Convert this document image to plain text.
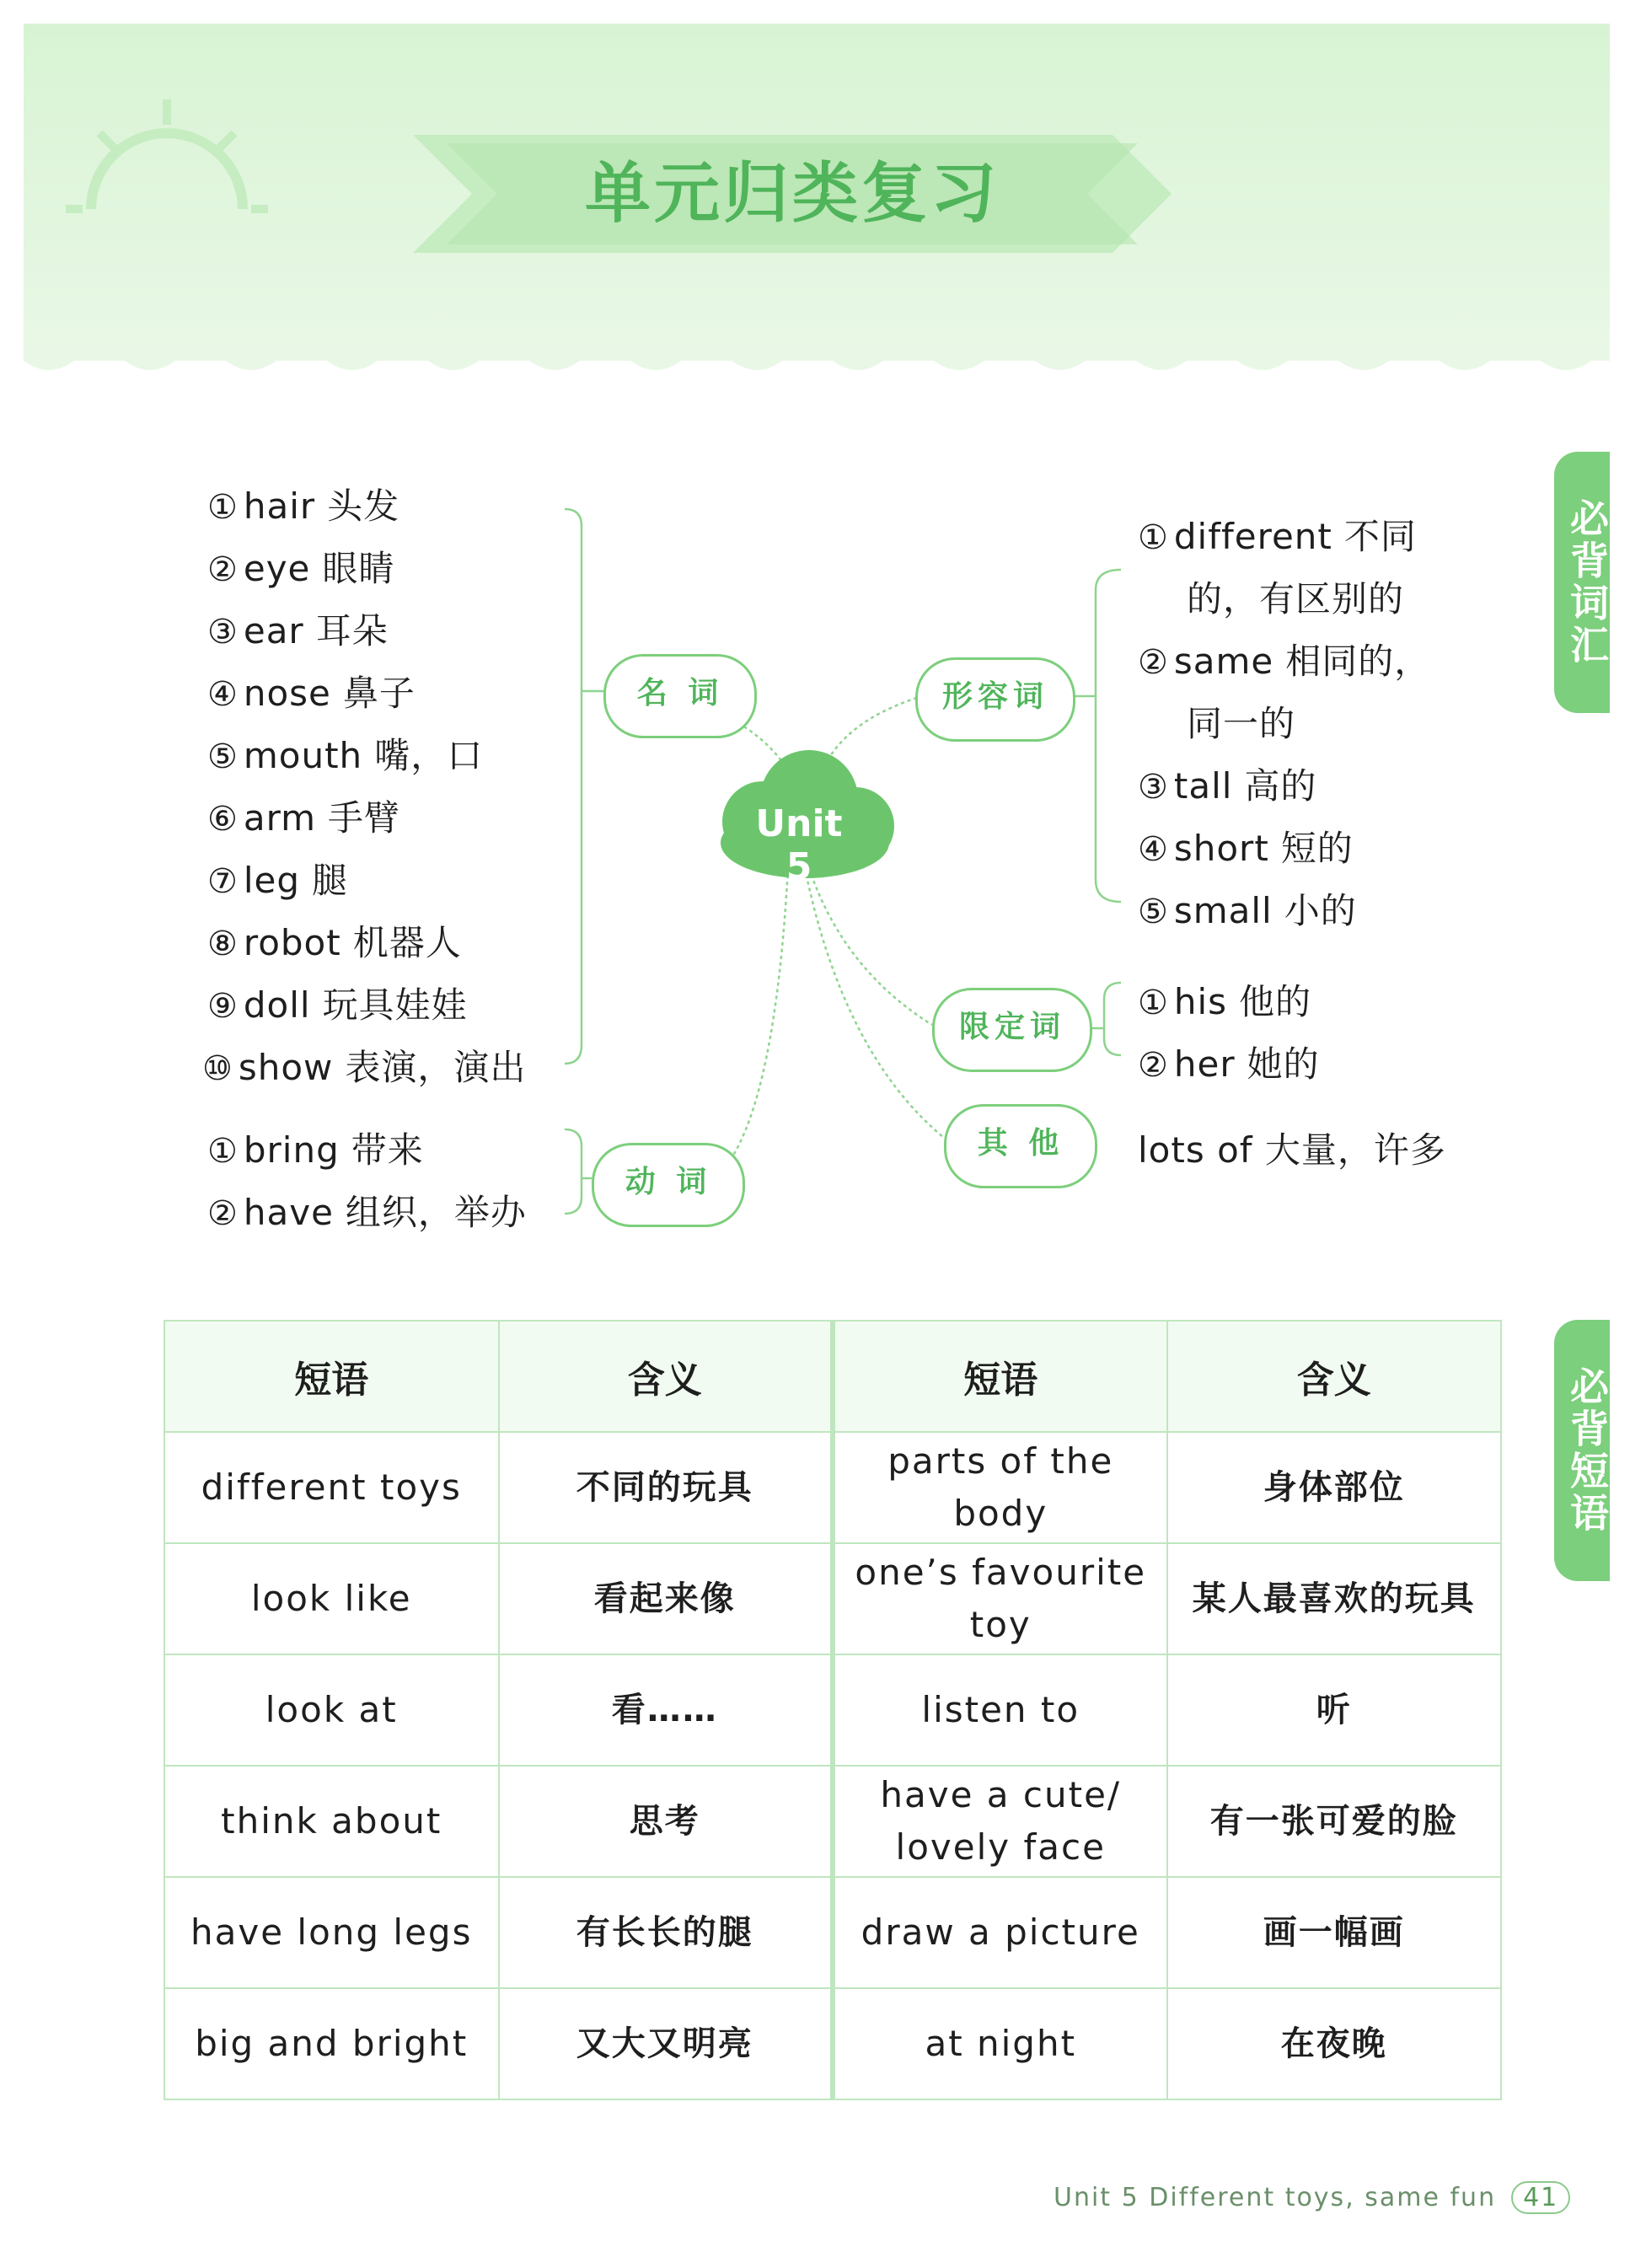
单元归类复习
必背词汇
必背短语
Unit 5
名 词
动 词
形容词
限定词
其 他
① hair 头发
② eye 眼睛
③ ear 耳朵
④ nose 鼻子
⑤ mouth 嘴，口
⑥ arm 手臂
⑦ leg 腿
⑧ robot 机器人
⑨ doll 玩具娃娃
⑩ show 表演，演出
① bring 带来
② have 组织，举办
① different 不同
的，有区别的
② same 相同的，
同一的
③ tall 高的
④ short 短的
⑤ small 小的
① his 他的
② her 她的
lots of 大量，许多
短语	含义	短语	含义
different toys	不同的玩具	parts of the body	身体部位
look like	看起来像	one’s favourite toy	某人最喜欢的玩具
look at	看……	listen to	听
think about	思考	have a cute/ lovely face	有一张可爱的脸
have long legs	有长长的腿	draw a picture	画一幅画
big and bright	又大又明亮	at night	在夜晚
Unit 5 Different toys, same fun 41
